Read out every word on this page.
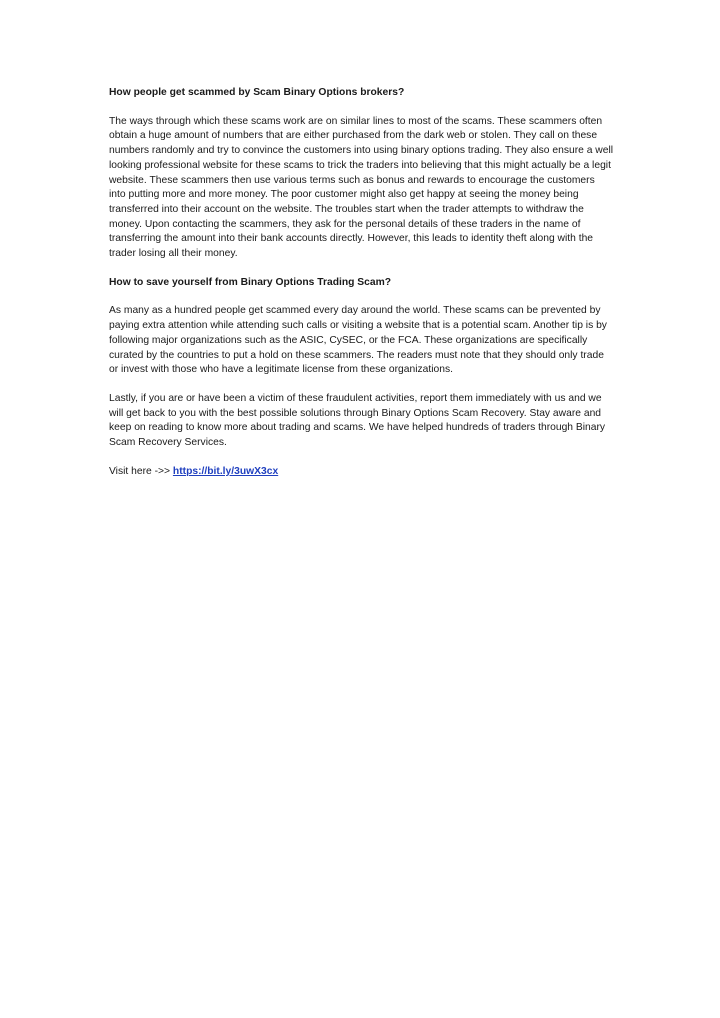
How people get scammed by Scam Binary Options brokers?

The ways through which these scams work are on similar lines to most of the scams. These scammers often obtain a huge amount of numbers that are either purchased from the dark web or stolen. They call on these numbers randomly and try to convince the customers into using binary options trading. They also ensure a well looking professional website for these scams to trick the traders into believing that this might actually be a legit website. These scammers then use various terms such as bonus and rewards to encourage the customers into putting more and more money. The poor customer might also get happy at seeing the money being transferred into their account on the website. The troubles start when the trader attempts to withdraw the money. Upon contacting the scammers, they ask for the personal details of these traders in the name of transferring the amount into their bank accounts directly. However, this leads to identity theft along with the trader losing all their money.

How to save yourself from Binary Options Trading Scam?

As many as a hundred people get scammed every day around the world. These scams can be prevented by paying extra attention while attending such calls or visiting a website that is a potential scam. Another tip is by following major organizations such as the ASIC, CySEC, or the FCA. These organizations are specifically curated by the countries to put a hold on these scammers. The readers must note that they should only trade or invest with those who have a legitimate license from these organizations.

Lastly, if you are or have been a victim of these fraudulent activities, report them immediately with us and we will get back to you with the best possible solutions through Binary Options Scam Recovery. Stay aware and keep on reading to know more about trading and scams. We have helped hundreds of traders through Binary Scam Recovery Services.

Visit here ->> https://bit.ly/3uwX3cx
